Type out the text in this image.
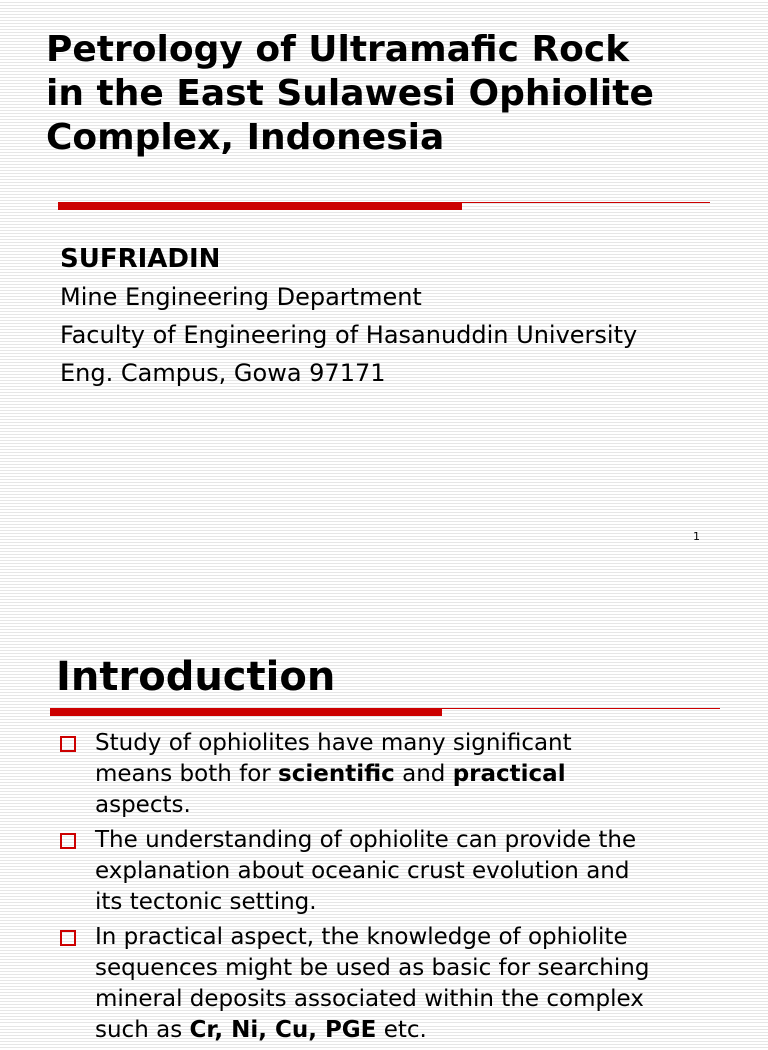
Petrology of Ultramafic Rock
in the East Sulawesi Ophiolite
Complex, Indonesia
SUFRIADIN
Mine Engineering Department
Faculty of Engineering of Hasanuddin University
Eng. Campus, Gowa 97171
1
Introduction
Study of ophiolites have many significant
means both for scientific and practical
aspects.
The understanding of ophiolite can provide the
explanation about oceanic crust evolution and
its tectonic setting.
In practical aspect, the knowledge of ophiolite
sequences might be used as basic for searching
mineral deposits associated within the complex
such as Cr, Ni, Cu, PGE etc.
